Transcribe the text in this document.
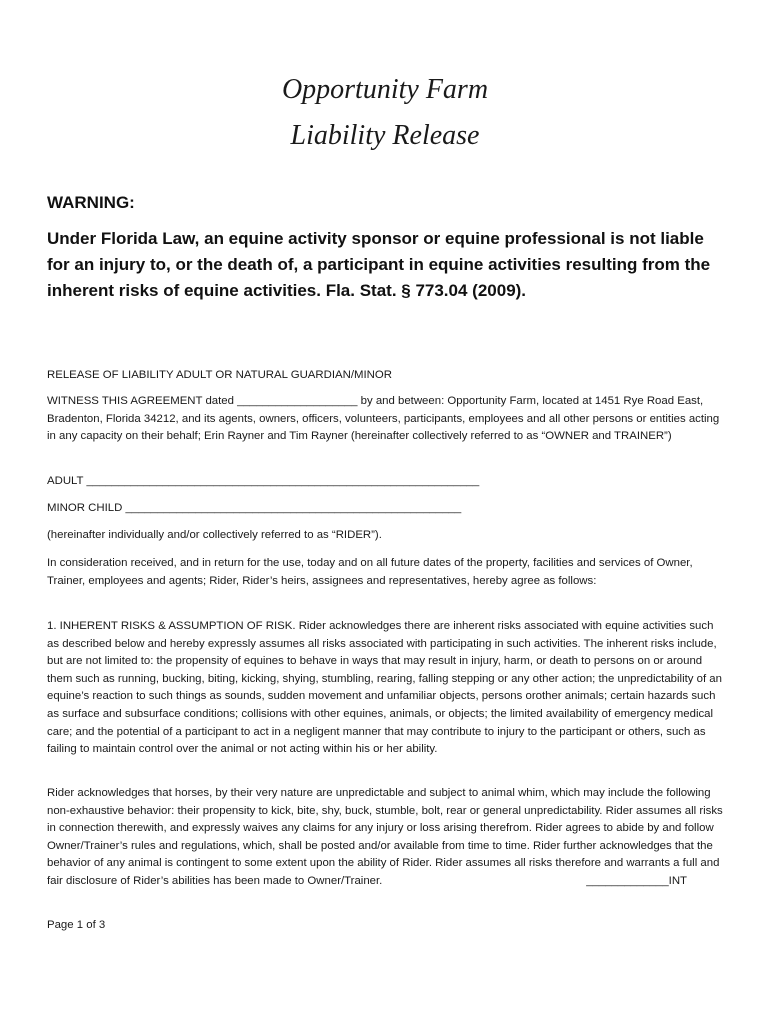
Opportunity Farm
Liability Release
WARNING:
Under Florida Law, an equine activity sponsor or equine professional is not liable for an injury to, or the death of, a participant in equine activities resulting from the inherent risks of equine activities. Fla. Stat. § 773.04 (2009).
RELEASE OF LIABILITY ADULT OR NATURAL GUARDIAN/MINOR
WITNESS THIS AGREEMENT dated ___________________ by and between: Opportunity Farm, located at 1451 Rye Road East, Bradenton, Florida 34212, and its agents, owners, officers, volunteers, participants, employees and all other persons or entities acting in any capacity on their behalf; Erin Rayner and Tim Rayner (hereinafter collectively referred to as “OWNER and TRAINER”)
ADULT ______________________________________________________________
MINOR CHILD _____________________________________________________
(hereinafter individually and/or collectively referred to as “RIDER”).
In consideration received, and in return for the use, today and on all future dates of the property, facilities and services of Owner, Trainer, employees and agents; Rider, Rider’s heirs, assignees and representatives, hereby agree as follows:
1. INHERENT RISKS & ASSUMPTION OF RISK. Rider acknowledges there are inherent risks associated with equine activities such as described below and hereby expressly assumes all risks associated with participating in such activities. The inherent risks include, but are not limited to: the propensity of equines to behave in ways that may result in injury, harm, or death to persons on or around them such as running, bucking, biting, kicking, shying, stumbling, rearing, falling stepping or any other action; the unpredictability of an equine’s reaction to such things as sounds, sudden movement and unfamiliar objects, persons orother animals; certain hazards such as surface and subsurface conditions; collisions with other equines, animals, or objects; the limited availability of emergency medical care; and the potential of a participant to act in a negligent manner that may contribute to injury to the participant or others, such as failing to maintain control over the animal or not acting within his or her ability.
Rider acknowledges that horses, by their very nature are unpredictable and subject to animal whim, which may include the following non-exhaustive behavior: their propensity to kick, bite, shy, buck, stumble, bolt, rear or general unpredictability. Rider assumes all risks in connection therewith, and expressly waives any claims for any injury or loss arising therefrom. Rider agrees to abide by and follow Owner/Trainer’s rules and regulations, which, shall be posted and/or available from time to time. Rider further acknowledges that the behavior of any animal is contingent to some extent upon the ability of Rider. Rider assumes all risks therefore and warrants a full and fair disclosure of Rider’s abilities has been made to Owner/Trainer.	_____________INT
Page 1 of 3
